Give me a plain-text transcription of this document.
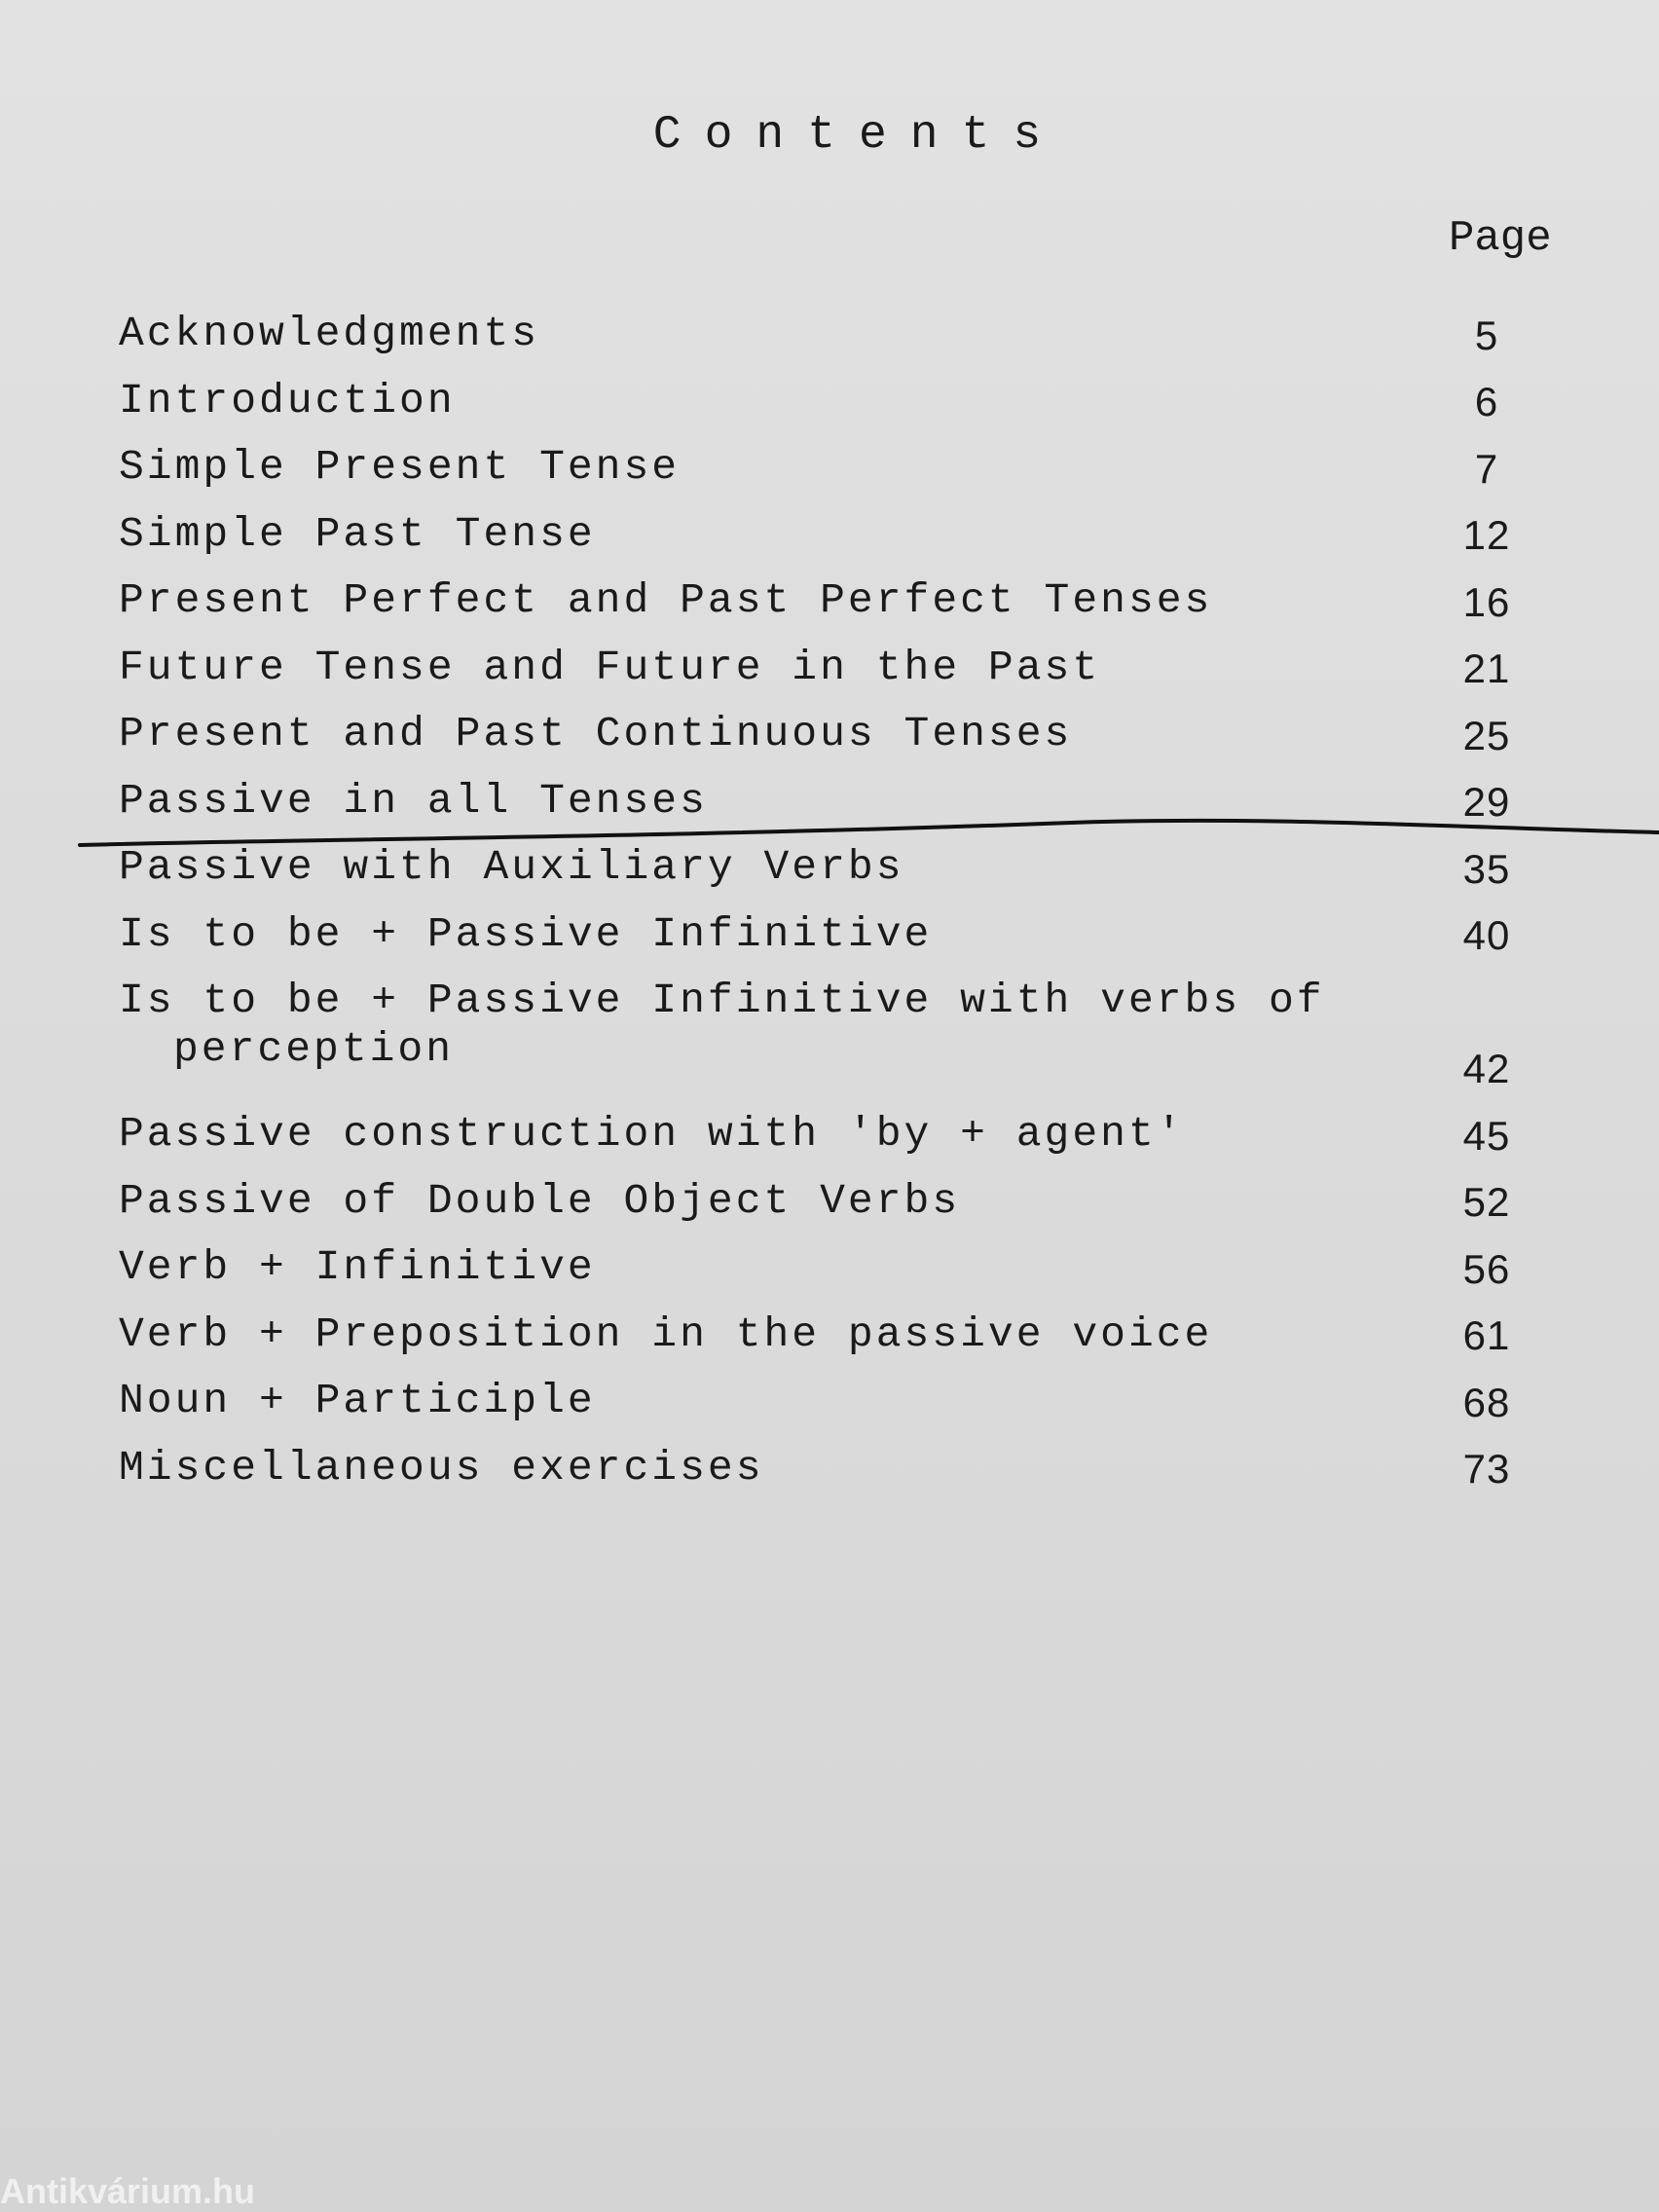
Contents
Page
Acknowledgments	5
Introduction	6
Simple Present Tense	7
Simple Past Tense	12
Present Perfect and Past Perfect Tenses	16
Future Tense and Future in the Past	21
Present and Past Continuous Tenses	25
Passive in all Tenses	29
Passive with Auxiliary Verbs	35
Is to be + Passive Infinitive	40
Is to be + Passive Infinitive with verbs of
perception	42
Passive construction with 'by + agent'	45
Passive of Double Object Verbs	52
Verb + Infinitive	56
Verb + Preposition in the passive voice	61
Noun + Participle	68
Miscellaneous exercises	73
Antikvárium.hu
